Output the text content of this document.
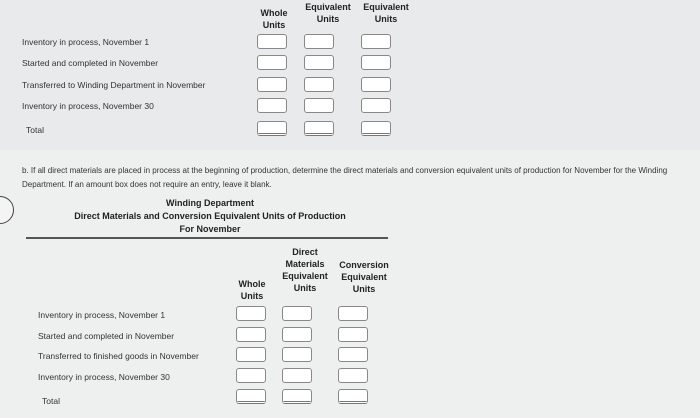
Whole
Units
Equivalent
Units
Equivalent
Units
Inventory in process, November 1
Started and completed in November
Transferred to Winding Department in November
Inventory in process, November 30
Total
b. If all direct materials are placed in process at the beginning of production, determine the direct materials and conversion equivalent units of production for November for the Winding Department. If an amount box does not require an entry, leave it blank.
Winding Department
Direct Materials and Conversion Equivalent Units of Production
For November
Whole
Units
Direct
Materials
Equivalent
Units
Conversion
Equivalent
Units
Inventory in process, November 1
Started and completed in November
Transferred to finished goods in November
Inventory in process, November 30
Total
